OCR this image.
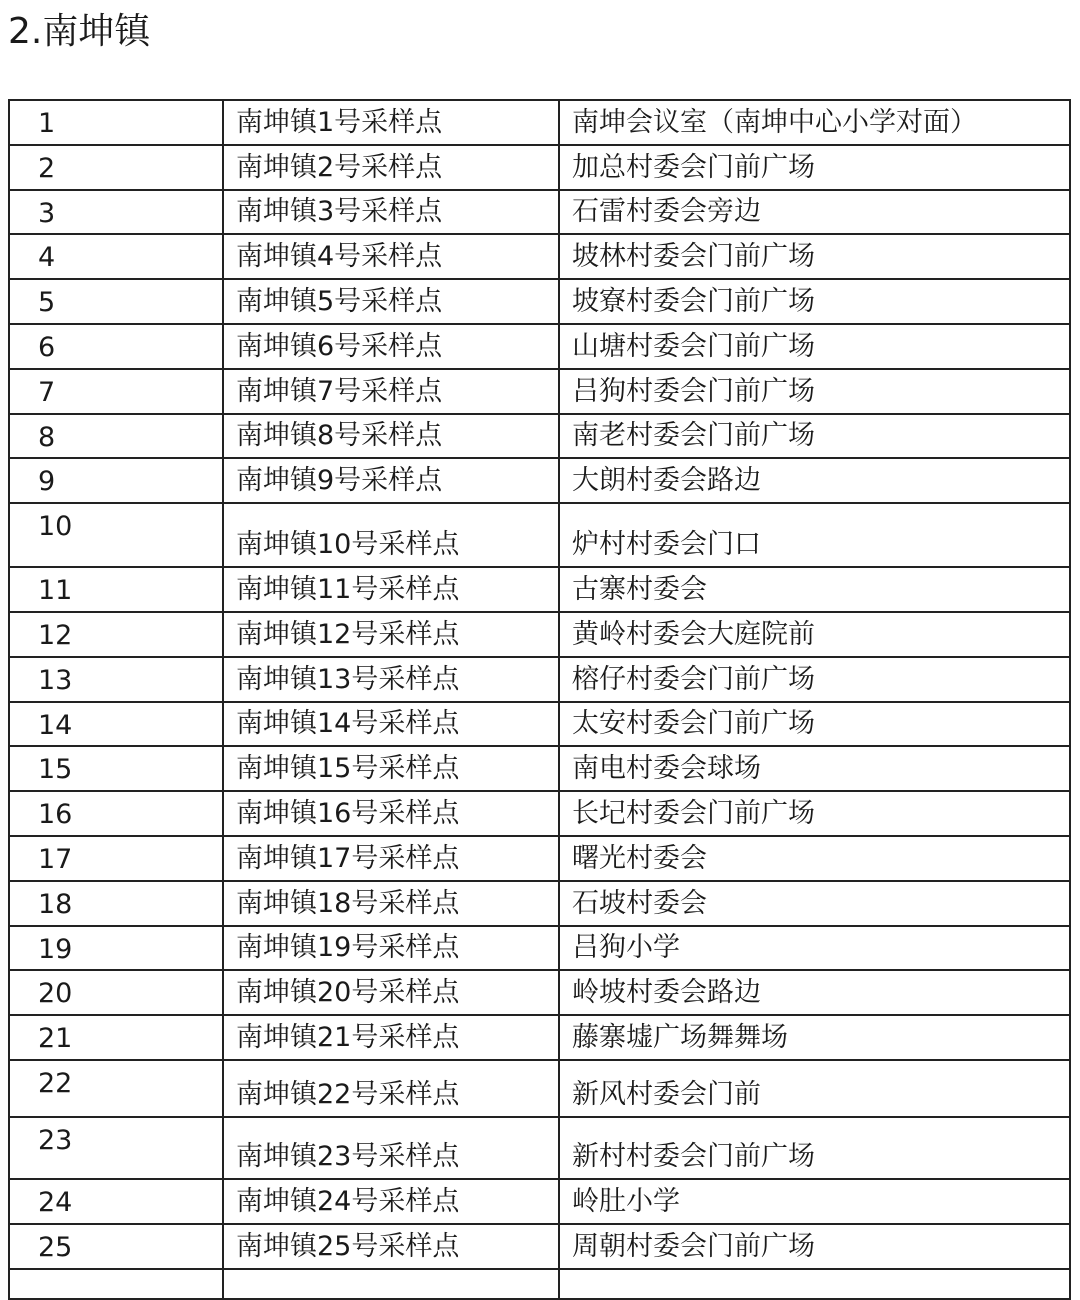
2.南坤镇
1	南坤镇1号采样点	南坤会议室（南坤中心小学对面）
2	南坤镇2号采样点	加总村委会门前广场
3	南坤镇3号采样点	石雷村委会旁边
4	南坤镇4号采样点	坡林村委会门前广场
5	南坤镇5号采样点	坡寮村委会门前广场
6	南坤镇6号采样点	山塘村委会门前广场
7	南坤镇7号采样点	吕狗村委会门前广场
8	南坤镇8号采样点	南老村委会门前广场
9	南坤镇9号采样点	大朗村委会路边
10	南坤镇10号采样点	炉村村委会门口
11	南坤镇11号采样点	古寨村委会
12	南坤镇12号采样点	黄岭村委会大庭院前
13	南坤镇13号采样点	榕仔村委会门前广场
14	南坤镇14号采样点	太安村委会门前广场
15	南坤镇15号采样点	南电村委会球场
16	南坤镇16号采样点	长圮村委会门前广场
17	南坤镇17号采样点	曙光村委会
18	南坤镇18号采样点	石坡村委会
19	南坤镇19号采样点	吕狗小学
20	南坤镇20号采样点	岭坡村委会路边
21	南坤镇21号采样点	藤寨墟广场舞舞场
22	南坤镇22号采样点	新风村委会门前
23	南坤镇23号采样点	新村村委会门前广场
24	南坤镇24号采样点	岭肚小学
25	南坤镇25号采样点	周朝村委会门前广场
